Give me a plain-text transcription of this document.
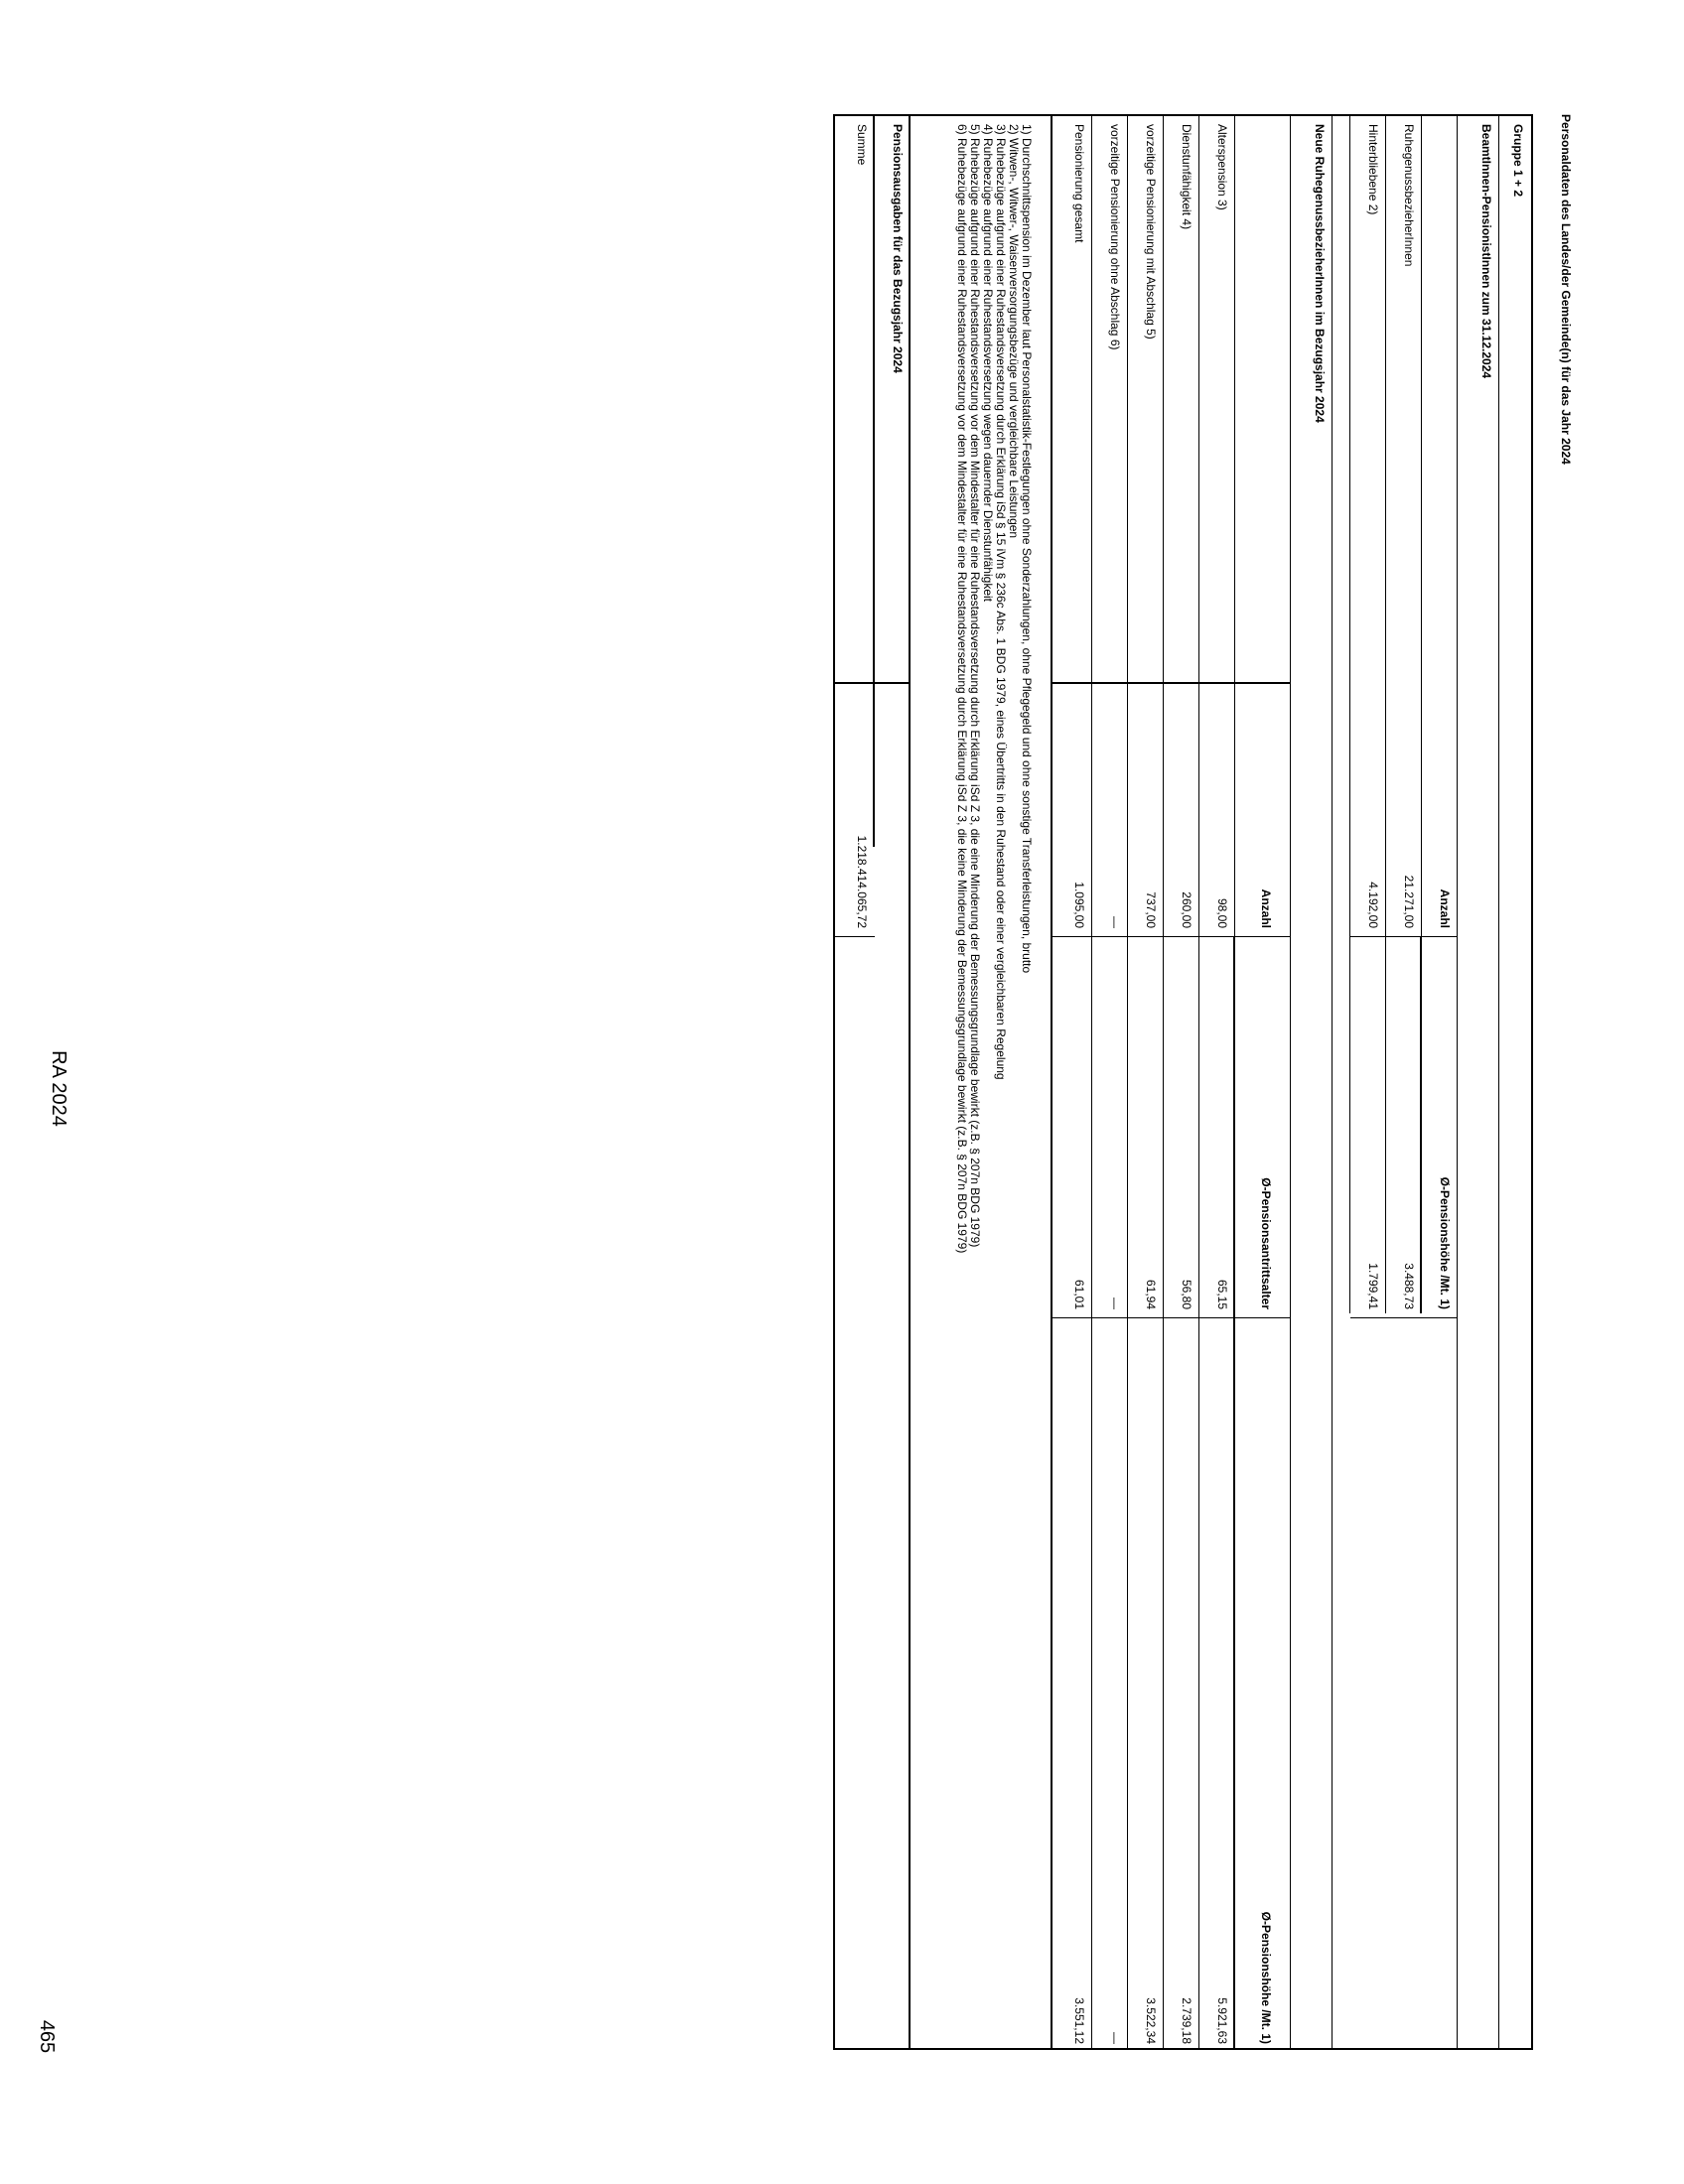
RA 2024
465
Personaldaten des Landes/der Gemeinde(n) für das Jahr 2024
Gruppe 1 + 2
BeamtInnen-PensionistInnen zum 31.12.2024
Anzahl
Ø-Pensionshöhe /Mt. 1)
RuhegenussbezieherInnen
21.271,00
3.488,73
Hinterbliebene 2)
4.192,00
1.799,41
Neue RuhegenussbezieherInnen im Bezugsjahr 2024
Anzahl
Ø-Pensionsantrittsalter
Ø-Pensionshöhe /Mt. 1)
Alterspension 3)
98,00
65,15
5.921,63
Dienstunfähigkeit 4)
260,00
56,80
2.739,18
vorzeitige Pensionierung mit Abschlag 5)
737,00
61,94
3.522,34
vorzeitige Pensionierung ohne Abschlag 6)
—
—
—
Pensionierung gesamt
1.095,00
61,01
3.551,12
1) Durchschnittspension im Dezember laut Personalstatistik-Festlegungen ohne Sonderzahlungen, ohne Pflegegeld und ohne sonstige Transferleistungen, brutto
2) Witwen-, Witwer-, Waisenversorgungsbezüge und vergleichbare Leistungen
3) Ruhebezüge aufgrund einer Ruhestandsversetzung durch Erklärung iSd § 15 iVm § 236c Abs. 1 BDG 1979, eines Übertritts in den Ruhestand oder einer vergleichbaren Regelung
4) Ruhebezüge aufgrund einer Ruhestandsversetzung wegen dauernder Dienstunfähigkeit
5) Ruhebezüge aufgrund einer Ruhestandsversetzung vor dem Mindestalter für eine Ruhestandsversetzung durch Erklärung iSd Z 3, die eine Minderung der Bemessungsgrundlage bewirkt (z.B. § 207n BDG 1979)
6) Ruhebezüge aufgrund einer Ruhestandsversetzung vor dem Mindestalter für eine Ruhestandsversetzung durch Erklärung iSd Z 3, die keine Minderung der Bemessungsgrundlage bewirkt (z.B. § 207n BDG 1979)
Pensionsausgaben für das Bezugsjahr 2024
Summe
1.218.414.065,72
